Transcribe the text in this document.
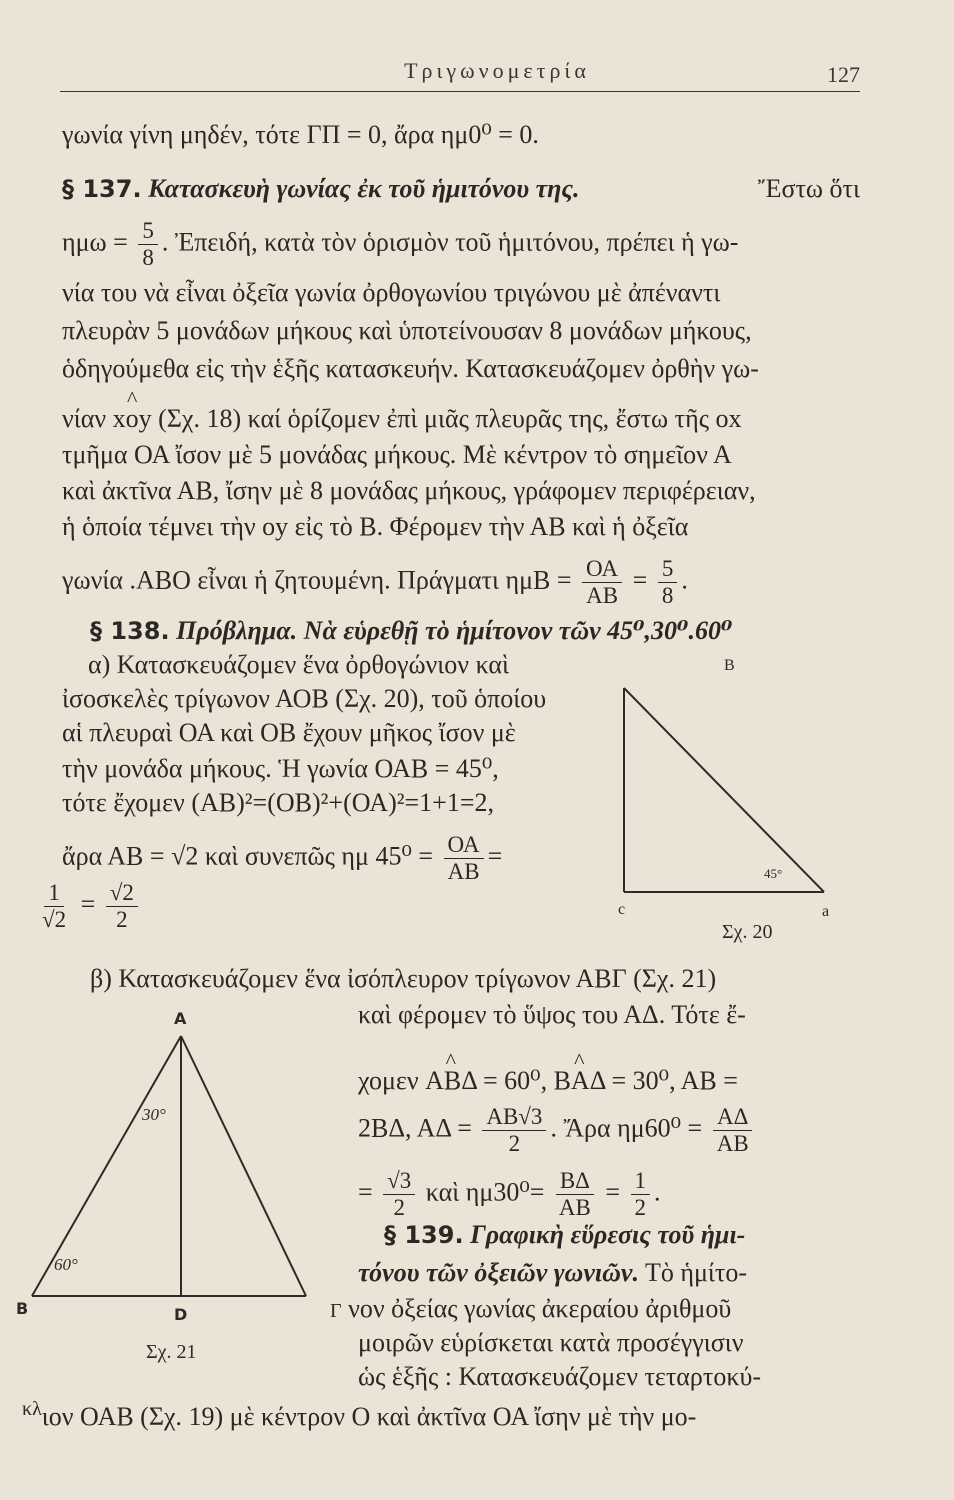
Τριγωνομετρία	127
γωνία γίνη μηδέν, τότε ΓΠ = 0, ἄρα ημ0⁰ = 0.
§ 137. Κατασκευὴ γωνίας ἐκ τοῦ ἡμιτόνου της.	Ἔστω ὅτι
$\eta\mu\omega = \frac{5}{8}$ . Ἐπειδή, κατὰ τὸν ὁρισμὸν τοῦ ἡμιτόνου, πρέπει ἡ γω-
νία του νὰ εἶναι ὀξεῖα γωνία ὀρθογωνίου τριγώνου μὲ ἀπέναντι
πλευρὰν 5 μονάδων μήκους καὶ ὑποτείνουσαν 8 μονάδων μήκους,
ὁδηγούμεθα εἰς τὴν ἑξῆς κατασκευήν. Κατασκευάζομεν ὀρθὴν γω-
νίαν ^ xoy (Σχ. 18) καί ὁρίζομεν ἐπὶ μιᾶς πλευρᾶς της, ἔστω τῆς ox
τμῆμα ΟΑ ἴσον μὲ 5 μονάδας μήκους. Μὲ κέντρον τὸ σημεῖον Α
καὶ ἀκτῖνα ΑΒ, ἴσην μὲ 8 μονάδας μήκους, γράφομεν περιφέρειαν,
ἡ ὁποία τέμνει τὴν oy εἰς τὸ Β. Φέρομεν τὴν ΑΒ καὶ ἡ ὀξεῖα
γωνία .ΑΒΟ εἶναι ἡ ζητουμένη. Πράγματι $\eta\mu B = \frac{OA}{AB} = \frac{5}{8}$ .
§ 138. Πρόβλημα. Νὰ εὑρεθῇ τὸ ἡμίτονον τῶν 45⁰,30⁰.60⁰
α) Κατασκευάζομεν ἕνα ὀρθογώνιον καὶ
ἰσοσκελὲς τρίγωνον ΑΟΒ (Σχ. 20), τοῦ ὁποίου
αἱ πλευραὶ ΟΑ καὶ ΟΒ ἔχουν μῆκος ἴσον μὲ
τὴν μονάδα μήκους. Ἡ γωνία ΟΑΒ = 45⁰,
τότε ἔχομεν (ΑΒ)²=(ΟΒ)²+(ΟΑ)²=1+1=2,
ἄρα ΑΒ = √2 καὶ συνεπῶς ημ $45^0 = \frac{OA}{AB}$ =
$\frac{1}{√2} = \frac{√2}{2}$
B
c	a
45°
Σχ. 20
β) Κατασκευάζομεν ἕνα ἰσόπλευρον τρίγωνον ΑΒΓ (Σχ. 21)
καὶ φέρομεν τὸ ὕψος του ΑΔ. Τότε ἔ-
χομεν ^ ΑΒΔ = 60⁰, ^ ΒΑΔ = 30⁰, ΑΒ =
2ΒΔ, $A\Delta = \frac{AB√3}{2}$ . Ἄρα $\eta\mu 60^0 = \frac{A\Delta}{AB}$
= $\frac{√3}{2}$ καὶ $\eta\mu 30^0= \frac{B\Delta}{AB} = \frac{1}{2}$ .
§ 139. Γραφικὴ εὕρεσις τοῦ ἡμι-
τόνου τῶν ὀξειῶν γωνιῶν. Τὸ ἡμίτο-
Γ νον ὀξείας γωνίας ἀκεραίου ἀριθμοῦ
μοιρῶν εὑρίσκεται κατὰ προσέγγισιν
ὡς ἑξῆς : Κατασκευάζομεν τεταρτοκύ-
$^{\kappa\lambda}$ιον ΟΑΒ (Σχ. 19) μὲ κέντρον Ο καὶ ἀκτῖνα ΟΑ ἴσην μὲ τὴν μο-
A
B	D
30°
60°
Σχ. 21
